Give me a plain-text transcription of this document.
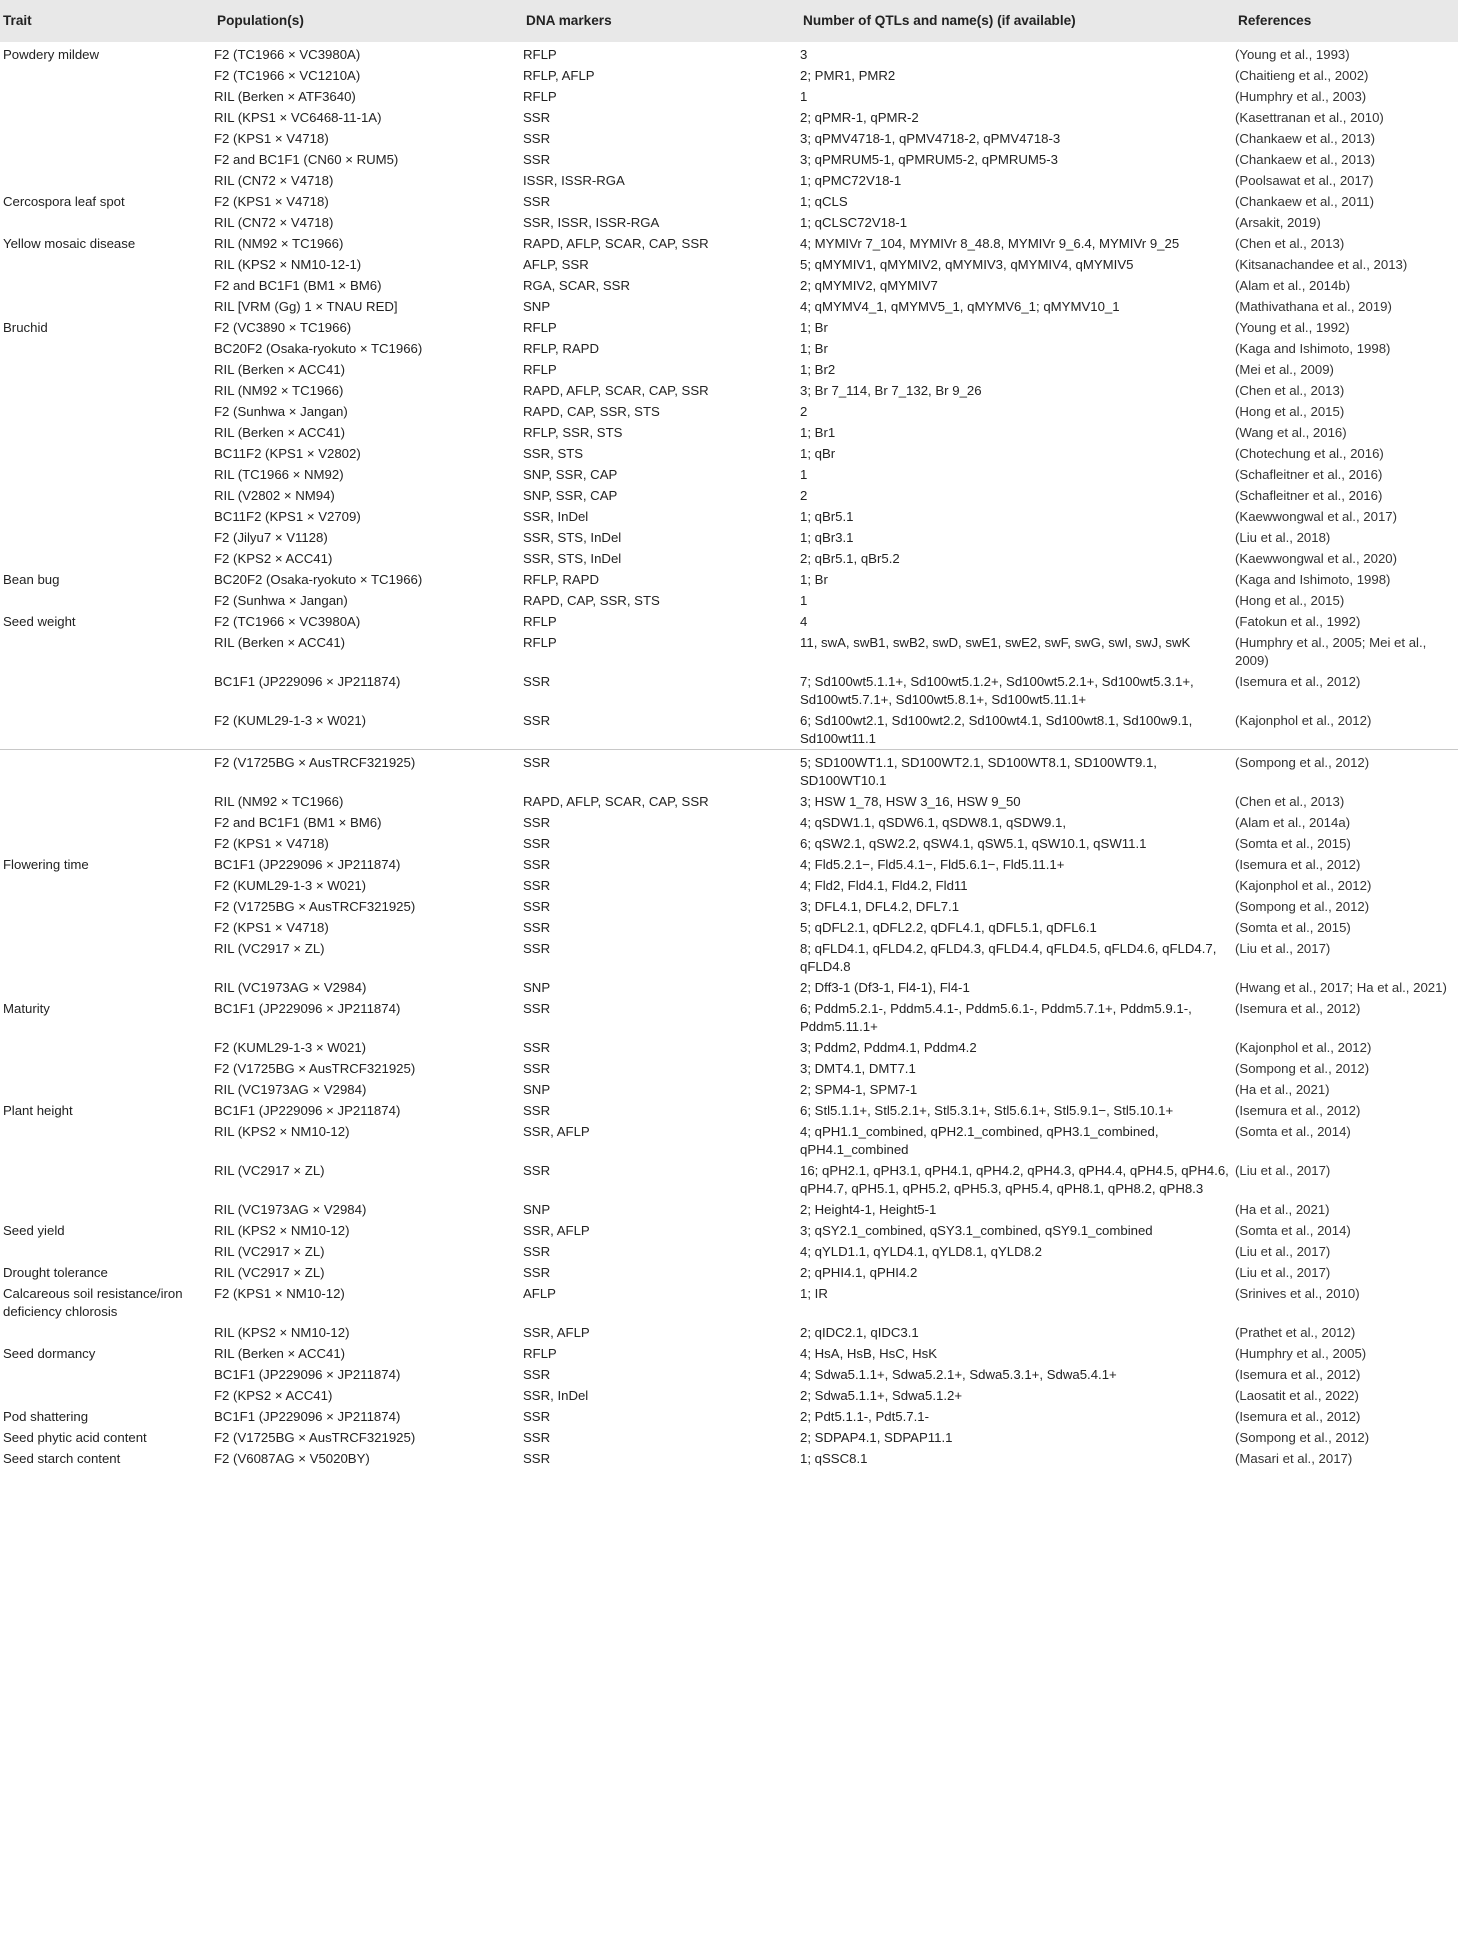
Trait	Population(s)	DNA markers	Number of QTLs and name(s) (if available)	References
Powdery mildew	F2 (TC1966 × VC3980A)	RFLP	3	(Young et al., 1993)
	F2 (TC1966 × VC1210A)	RFLP, AFLP	2; PMR1, PMR2	(Chaitieng et al., 2002)
	RIL (Berken × ATF3640)	RFLP	1	(Humphry et al., 2003)
	RIL (KPS1 × VC6468-11-1A)	SSR	2; qPMR-1, qPMR-2	(Kasettranan et al., 2010)
	F2 (KPS1 × V4718)	SSR	3; qPMV4718-1, qPMV4718-2, qPMV4718-3	(Chankaew et al., 2013)
	F2 and BC1F1 (CN60 × RUM5)	SSR	3; qPMRUM5-1, qPMRUM5-2, qPMRUM5-3	(Chankaew et al., 2013)
	RIL (CN72 × V4718)	ISSR, ISSR-RGA	1; qPMC72V18-1	(Poolsawat et al., 2017)
Cercospora leaf spot	F2 (KPS1 × V4718)	SSR	1; qCLS	(Chankaew et al., 2011)
	RIL (CN72 × V4718)	SSR, ISSR, ISSR-RGA	1; qCLSC72V18-1	(Arsakit, 2019)
Yellow mosaic disease	RIL (NM92 × TC1966)	RAPD, AFLP, SCAR, CAP, SSR	4; MYMIVr 7_104, MYMIVr 8_48.8, MYMIVr 9_6.4, MYMIVr 9_25	(Chen et al., 2013)
	RIL (KPS2 × NM10-12-1)	AFLP, SSR	5; qMYMIV1, qMYMIV2, qMYMIV3, qMYMIV4, qMYMIV5	(Kitsanachandee et al., 2013)
	F2 and BC1F1 (BM1 × BM6)	RGA, SCAR, SSR	2; qMYMIV2, qMYMIV7	(Alam et al., 2014b)
	RIL [VRM (Gg) 1 × TNAU RED]	SNP	4; qMYMV4_1, qMYMV5_1, qMYMV6_1; qMYMV10_1	(Mathivathana et al., 2019)
Bruchid	F2 (VC3890 × TC1966)	RFLP	1; Br	(Young et al., 1992)
	BC20F2 (Osaka-ryokuto × TC1966)	RFLP, RAPD	1; Br	(Kaga and Ishimoto, 1998)
	RIL (Berken × ACC41)	RFLP	1; Br2	(Mei et al., 2009)
	RIL (NM92 × TC1966)	RAPD, AFLP, SCAR, CAP, SSR	3; Br 7_114, Br 7_132, Br 9_26	(Chen et al., 2013)
	F2 (Sunhwa × Jangan)	RAPD, CAP, SSR, STS	2	(Hong et al., 2015)
	RIL (Berken × ACC41)	RFLP, SSR, STS	1; Br1	(Wang et al., 2016)
	BC11F2 (KPS1 × V2802)	SSR, STS	1; qBr	(Chotechung et al., 2016)
	RIL (TC1966 × NM92)	SNP, SSR, CAP	1	(Schafleitner et al., 2016)
	RIL (V2802 × NM94)	SNP, SSR, CAP	2	(Schafleitner et al., 2016)
	BC11F2 (KPS1 × V2709)	SSR, InDel	1; qBr5.1	(Kaewwongwal et al., 2017)
	F2 (Jilyu7 × V1128)	SSR, STS, InDel	1; qBr3.1	(Liu et al., 2018)
	F2 (KPS2 × ACC41)	SSR, STS, InDel	2; qBr5.1, qBr5.2	(Kaewwongwal et al., 2020)
Bean bug	BC20F2 (Osaka-ryokuto × TC1966)	RFLP, RAPD	1; Br	(Kaga and Ishimoto, 1998)
	F2 (Sunhwa × Jangan)	RAPD, CAP, SSR, STS	1	(Hong et al., 2015)
Seed weight	F2 (TC1966 × VC3980A)	RFLP	4	(Fatokun et al., 1992)
	RIL (Berken × ACC41)	RFLP	11, swA, swB1, swB2, swD, swE1, swE2, swF, swG, swI, swJ, swK	(Humphry et al., 2005; Mei et al., 2009)
	BC1F1 (JP229096 × JP211874)	SSR	7; Sd100wt5.1.1+, Sd100wt5.1.2+, Sd100wt5.2.1+, Sd100wt5.3.1+, Sd100wt5.7.1+, Sd100wt5.8.1+, Sd100wt5.11.1+	(Isemura et al., 2012)
	F2 (KUML29-1-3 × W021)	SSR	6; Sd100wt2.1, Sd100wt2.2, Sd100wt4.1, Sd100wt8.1, Sd100w9.1, Sd100wt11.1	(Kajonphol et al., 2012)
	F2 (V1725BG × AusTRCF321925)	SSR	5; SD100WT1.1, SD100WT2.1, SD100WT8.1, SD100WT9.1, SD100WT10.1	(Sompong et al., 2012)
	RIL (NM92 × TC1966)	RAPD, AFLP, SCAR, CAP, SSR	3; HSW 1_78, HSW 3_16, HSW 9_50	(Chen et al., 2013)
	F2 and BC1F1 (BM1 × BM6)	SSR	4; qSDW1.1, qSDW6.1, qSDW8.1, qSDW9.1,	(Alam et al., 2014a)
	F2 (KPS1 × V4718)	SSR	6; qSW2.1, qSW2.2, qSW4.1, qSW5.1, qSW10.1, qSW11.1	(Somta et al., 2015)
Flowering time	BC1F1 (JP229096 × JP211874)	SSR	4; Fld5.2.1−, Fld5.4.1−, Fld5.6.1−, Fld5.11.1+	(Isemura et al., 2012)
	F2 (KUML29-1-3 × W021)	SSR	4; Fld2, Fld4.1, Fld4.2, Fld11	(Kajonphol et al., 2012)
	F2 (V1725BG × AusTRCF321925)	SSR	3; DFL4.1, DFL4.2, DFL7.1	(Sompong et al., 2012)
	F2 (KPS1 × V4718)	SSR	5; qDFL2.1, qDFL2.2, qDFL4.1, qDFL5.1, qDFL6.1	(Somta et al., 2015)
	RIL (VC2917 × ZL)	SSR	8; qFLD4.1, qFLD4.2, qFLD4.3, qFLD4.4, qFLD4.5, qFLD4.6, qFLD4.7, qFLD4.8	(Liu et al., 2017)
	RIL (VC1973AG × V2984)	SNP	2; Dff3-1 (Df3-1, Fl4-1), Fl4-1	(Hwang et al., 2017; Ha et al., 2021)
Maturity	BC1F1 (JP229096 × JP211874)	SSR	6; Pddm5.2.1-, Pddm5.4.1-, Pddm5.6.1-, Pddm5.7.1+, Pddm5.9.1-, Pddm5.11.1+	(Isemura et al., 2012)
	F2 (KUML29-1-3 × W021)	SSR	3; Pddm2, Pddm4.1, Pddm4.2	(Kajonphol et al., 2012)
	F2 (V1725BG × AusTRCF321925)	SSR	3; DMT4.1, DMT7.1	(Sompong et al., 2012)
	RIL (VC1973AG × V2984)	SNP	2; SPM4-1, SPM7-1	(Ha et al., 2021)
Plant height	BC1F1 (JP229096 × JP211874)	SSR	6; Stl5.1.1+, Stl5.2.1+, Stl5.3.1+, Stl5.6.1+, Stl5.9.1−, Stl5.10.1+	(Isemura et al., 2012)
	RIL (KPS2 × NM10-12)	SSR, AFLP	4; qPH1.1_combined, qPH2.1_combined, qPH3.1_combined, qPH4.1_combined	(Somta et al., 2014)
	RIL (VC2917 × ZL)	SSR	16; qPH2.1, qPH3.1, qPH4.1, qPH4.2, qPH4.3, qPH4.4, qPH4.5, qPH4.6, qPH4.7, qPH5.1, qPH5.2, qPH5.3, qPH5.4, qPH8.1, qPH8.2, qPH8.3	(Liu et al., 2017)
	RIL (VC1973AG × V2984)	SNP	2; Height4-1, Height5-1	(Ha et al., 2021)
Seed yield	RIL (KPS2 × NM10-12)	SSR, AFLP	3; qSY2.1_combined, qSY3.1_combined, qSY9.1_combined	(Somta et al., 2014)
	RIL (VC2917 × ZL)	SSR	4; qYLD1.1, qYLD4.1, qYLD8.1, qYLD8.2	(Liu et al., 2017)
Drought tolerance	RIL (VC2917 × ZL)	SSR	2; qPHI4.1, qPHI4.2	(Liu et al., 2017)
Calcareous soil resistance/iron deficiency chlorosis	F2 (KPS1 × NM10-12)	AFLP	1; IR	(Srinives et al., 2010)
	RIL (KPS2 × NM10-12)	SSR, AFLP	2; qIDC2.1, qIDC3.1	(Prathet et al., 2012)
Seed dormancy	RIL (Berken × ACC41)	RFLP	4; HsA, HsB, HsC, HsK	(Humphry et al., 2005)
	BC1F1 (JP229096 × JP211874)	SSR	4; Sdwa5.1.1+, Sdwa5.2.1+, Sdwa5.3.1+, Sdwa5.4.1+	(Isemura et al., 2012)
	F2 (KPS2 × ACC41)	SSR, InDel	2; Sdwa5.1.1+, Sdwa5.1.2+	(Laosatit et al., 2022)
Pod shattering	BC1F1 (JP229096 × JP211874)	SSR	2; Pdt5.1.1-, Pdt5.7.1-	(Isemura et al., 2012)
Seed phytic acid content	F2 (V1725BG × AusTRCF321925)	SSR	2; SDPAP4.1, SDPAP11.1	(Sompong et al., 2012)
Seed starch content	F2 (V6087AG × V5020BY)	SSR	1; qSSC8.1	(Masari et al., 2017)
